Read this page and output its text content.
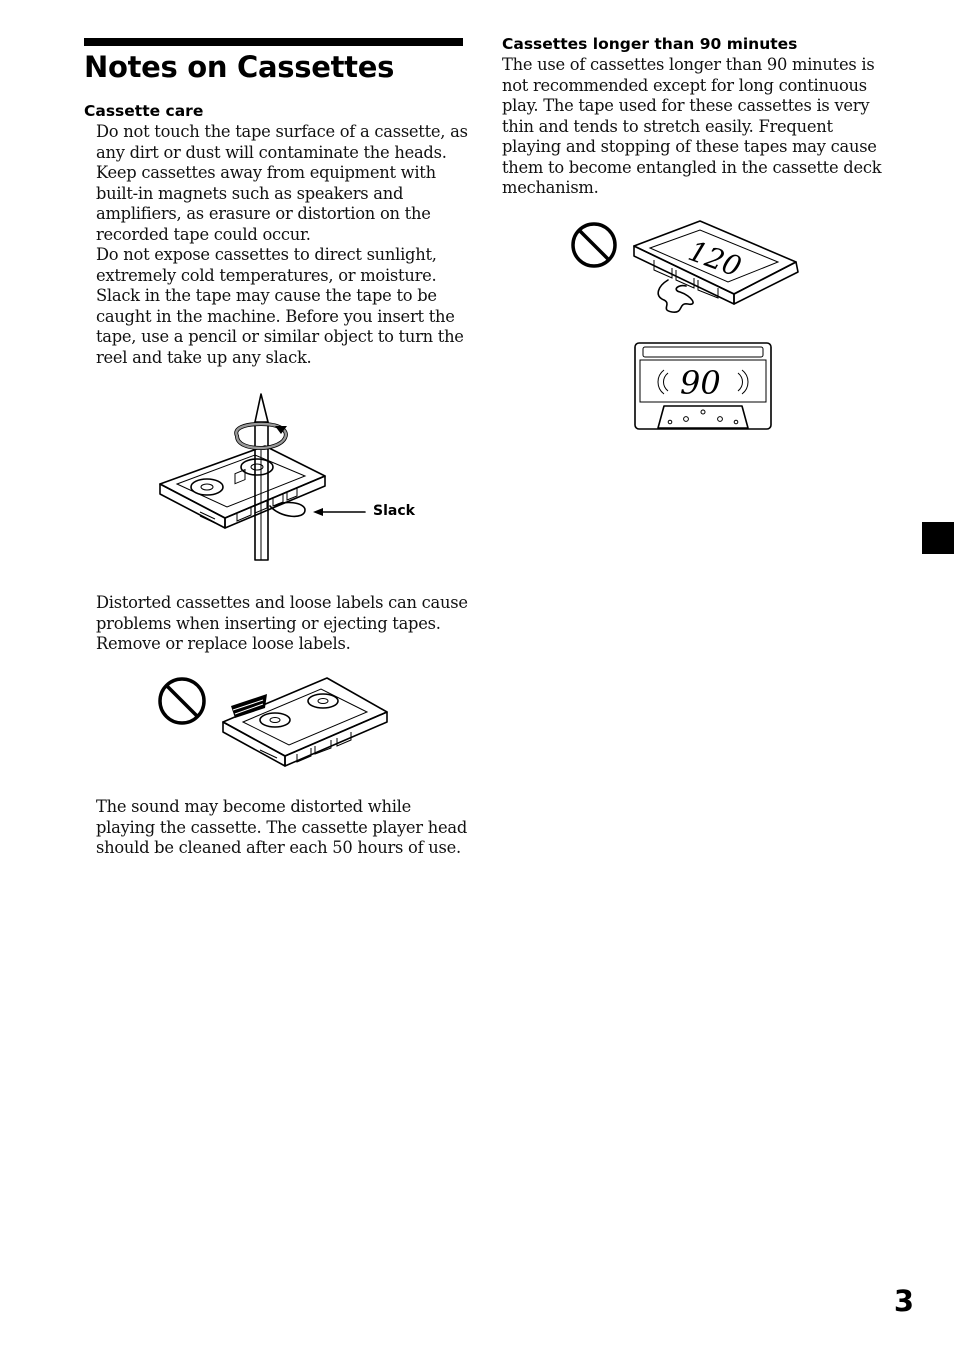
Notes on Cassettes
Cassette care
Do not touch the tape surface of a cassette, as
any dirt or dust will contaminate the heads.
Keep cassettes away from equipment with
built-in magnets such as speakers and
amplifiers, as erasure or distortion on the
recorded tape could occur.
Do not expose cassettes to direct sunlight,
extremely cold temperatures, or moisture.
Slack in the tape may cause the tape to be
caught in the machine. Before you insert the
tape, use a pencil or similar object to turn the
reel and take up any slack.
Slack
Distorted cassettes and loose labels can cause
problems when inserting or ejecting tapes.
Remove or replace loose labels.
The sound may become distorted while
playing the cassette. The cassette player head
should be cleaned after each 50 hours of use.
Cassettes longer than 90 minutes
The use of cassettes longer than 90 minutes is
not recommended except for long continuous
play. The tape used for these cassettes is very
thin and tends to stretch easily. Frequent
playing and stopping of these tapes may cause
them to become entangled in the cassette deck
mechanism.
120
90
3
